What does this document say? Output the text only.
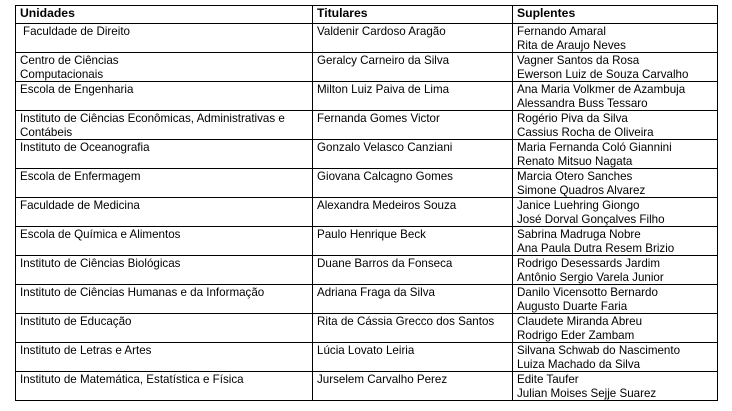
Unidades	Titulares	Suplentes

Faculdade de Direito	Valdenir Cardoso Aragão	Fernando Amaral
Rita de Araujo Neves

Centro de Ciências
Computacionais	Geralcy Carneiro da Silva	Vagner Santos da Rosa
Ewerson Luiz de Souza Carvalho

Escola de Engenharia	Milton Luiz Paiva de Lima	Ana Maria Volkmer de Azambuja
Alessandra Buss Tessaro

Instituto de Ciências Econômicas, Administrativas e
Contábeis	Fernanda Gomes Victor	Rogério Piva da Silva
Cassius Rocha de Oliveira

Instituto de Oceanografia	Gonzalo Velasco Canziani	Maria Fernanda Coló Giannini
Renato Mitsuo Nagata

Escola de Enfermagem	Giovana Calcagno Gomes	Marcia Otero Sanches
Simone Quadros Alvarez

Faculdade de Medicina	Alexandra Medeiros Souza	Janice Luehring Giongo
José Dorval Gonçalves Filho

Escola de Química e Alimentos	Paulo Henrique Beck	Sabrina Madruga Nobre
Ana Paula Dutra Resem Brizio

Instituto de Ciências Biológicas	Duane Barros da Fonseca	Rodrigo Desessards Jardim
Antônio Sergio Varela Junior

Instituto de Ciências Humanas e da Informação	Adriana Fraga da Silva	Danilo Vicensotto Bernardo
Augusto Duarte Faria

Instituto de Educação	Rita de Cássia Grecco dos Santos	Claudete Miranda Abreu
Rodrigo Eder Zambam

Instituto de Letras e Artes	Lúcia Lovato Leiria	Silvana Schwab do Nascimento
Luiza Machado da Silva

Instituto de Matemática, Estatística e Física	Jurselem Carvalho Perez	Edite Taufer
Julian Moises Sejje Suarez
